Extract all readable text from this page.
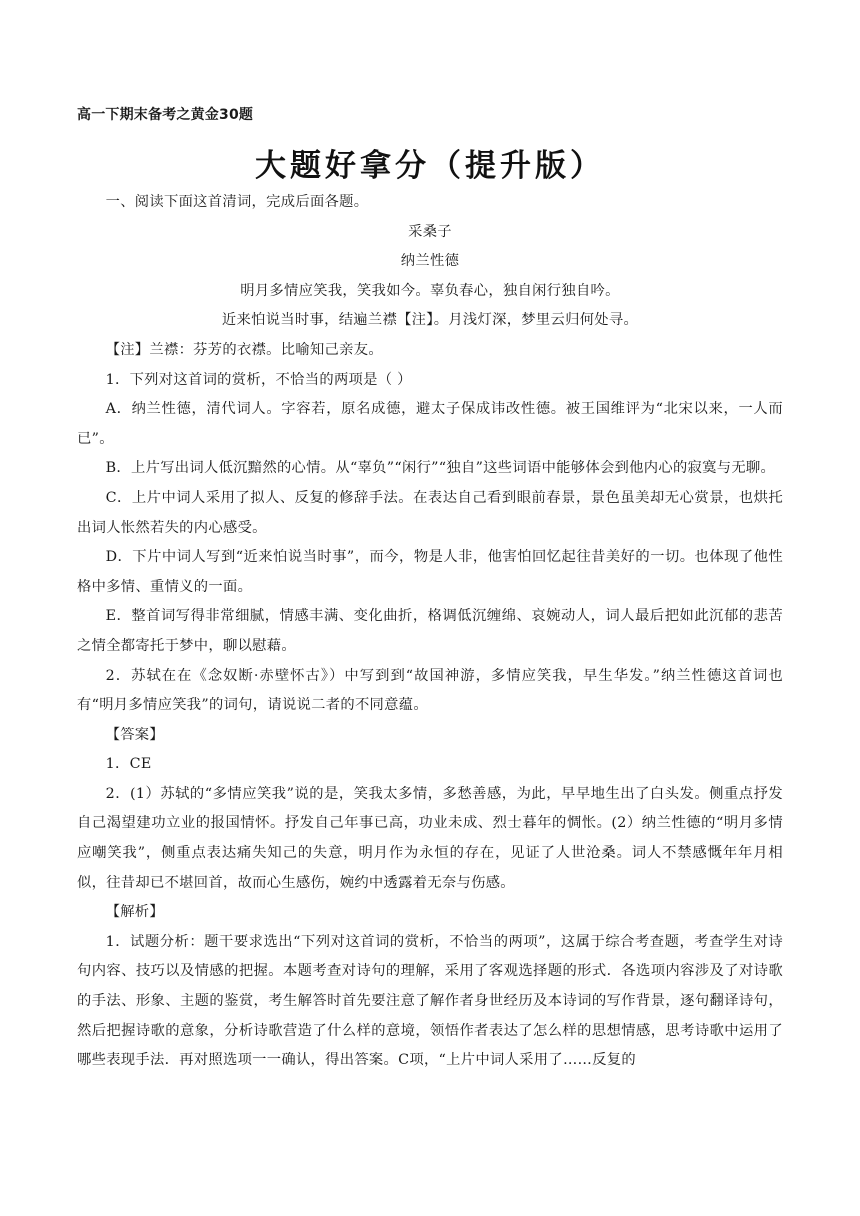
高一下期末备考之黄金30题
大题好拿分（提升版）

一、阅读下面这首清词，完成后面各题。

采桑子

纳兰性德

明月多情应笑我，笑我如今。辜负春心，独自闲行独自吟。

近来怕说当时事，结遍兰襟【注】。月浅灯深，梦里云归何处寻。

【注】兰襟：芬芳的衣襟。比喻知己亲友。

1．下列对这首词的赏析，不恰当的两项是（ ）

A．纳兰性德，清代词人。字容若，原名成德，避太子保成讳改性德。被王国维评为“北宋以来，一人而已”。

B．上片写出词人低沉黯然的心情。从“辜负”“闲行”“独自”这些词语中能够体会到他内心的寂寞与无聊。

C．上片中词人采用了拟人、反复的修辞手法。在表达自己看到眼前春景，景色虽美却无心赏景，也烘托出词人怅然若失的内心感受。

D．下片中词人写到“近来怕说当时事”，而今，物是人非，他害怕回忆起往昔美好的一切。也体现了他性格中多情、重情义的一面。

E．整首词写得非常细腻，情感丰满、变化曲折，格调低沉缠绵、哀婉动人，词人最后把如此沉郁的悲苦之情全都寄托于梦中，聊以慰藉。

2．苏轼在在《念奴断·赤壁怀古》）中写到到“故国神游，多情应笑我，早生华发。”纳兰性德这首词也有“明月多情应笑我”的词句，请说说二者的不同意蕴。

【答案】

1．CE

2．(1）苏轼的“多情应笑我”说的是，笑我太多情，多愁善感，为此，早早地生出了白头发。侧重点抒发自己渴望建功立业的报国情怀。抒发自己年事已高，功业未成、烈士暮年的惆怅。(2）纳兰性德的“明月多情应嘲笑我”，侧重点表达痛失知己的失意，明月作为永恒的存在，见证了人世沧桑。词人不禁感慨年年月相似，往昔却已不堪回首，故而心生感伤，婉约中透露着无奈与伤感。

【解析】

1．试题分析：题干要求选出“下列对这首词的赏析，不恰当的两项”，这属于综合考查题，考查学生对诗句内容、技巧以及情感的把握。本题考查对诗句的理解，采用了客观选择题的形式．各选项内容涉及了对诗歌的手法、形象、主题的鉴赏，考生解答时首先要注意了解作者身世经历及本诗词的写作背景，逐句翻译诗句，然后把握诗歌的意象，分析诗歌营造了什么样的意境，领悟作者表达了怎么样的思想情感，思考诗歌中运用了哪些表现手法．再对照选项一一确认，得出答案。C项，“上片中词人采用了……反复的
